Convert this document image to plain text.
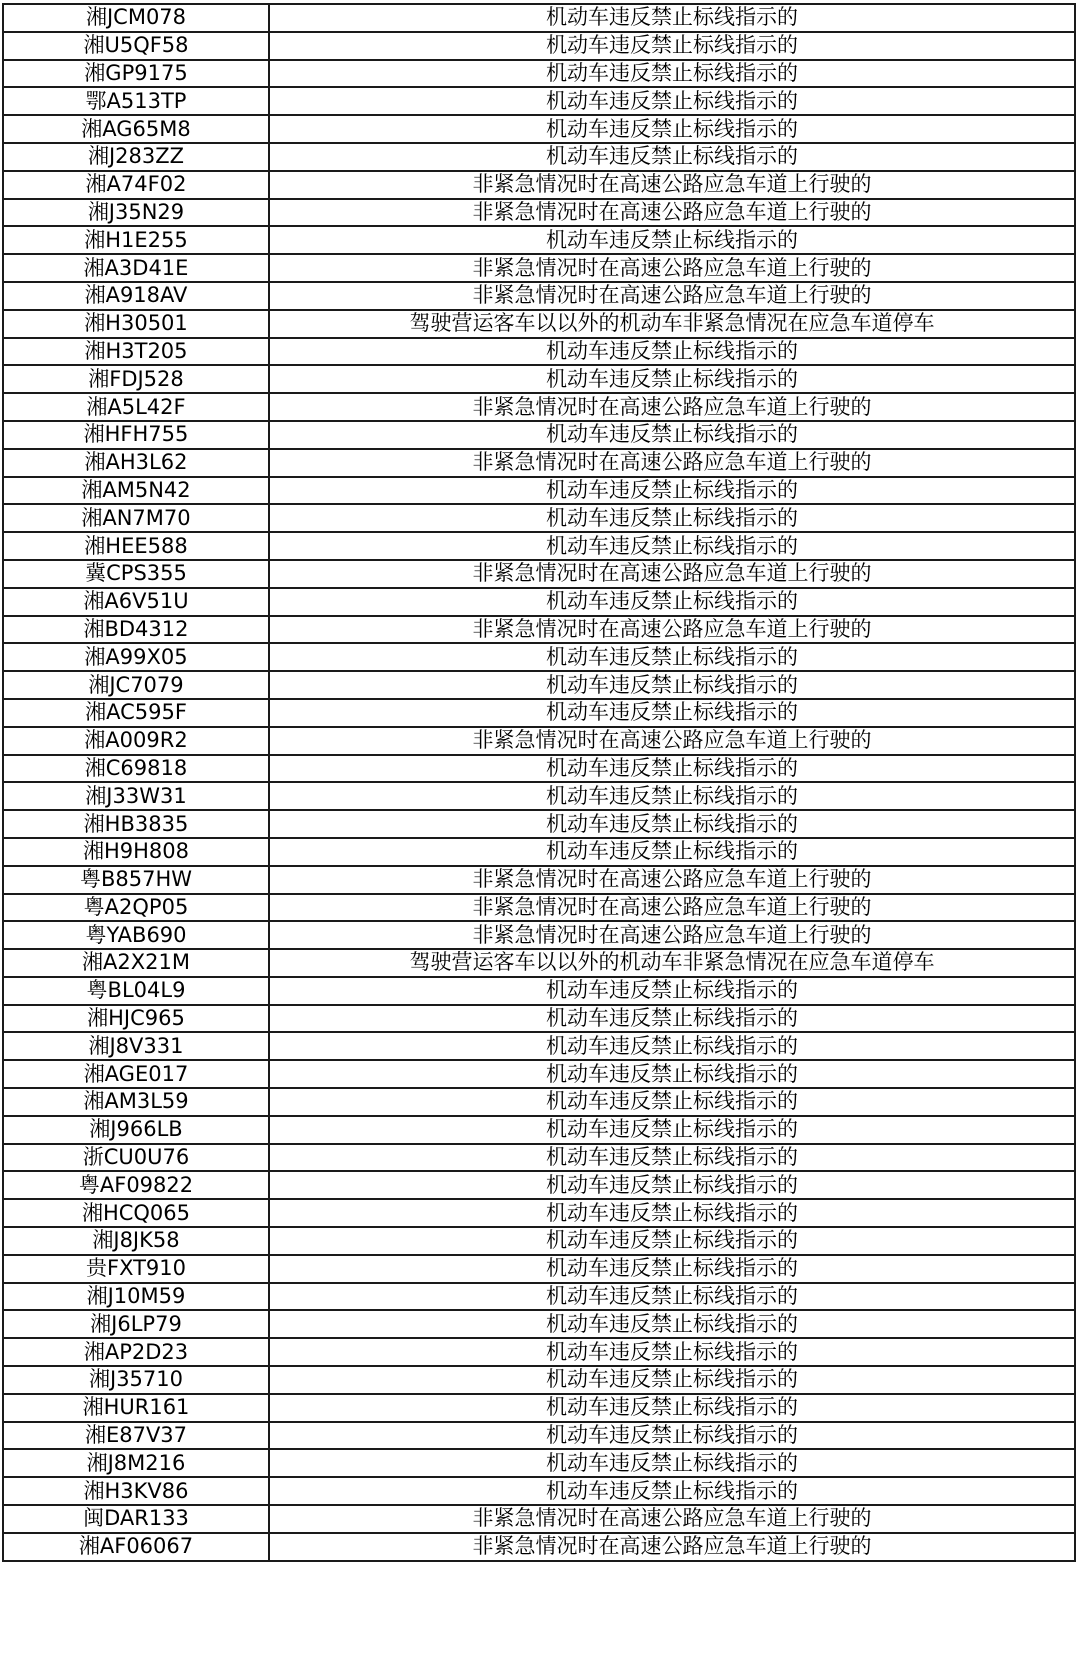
湘JCM078	机动车违反禁止标线指示的
湘U5QF58	机动车违反禁止标线指示的
湘GP9175	机动车违反禁止标线指示的
鄂A513TP	机动车违反禁止标线指示的
湘AG65M8	机动车违反禁止标线指示的
湘J283ZZ	机动车违反禁止标线指示的
湘A74F02	非紧急情况时在高速公路应急车道上行驶的
湘J35N29	非紧急情况时在高速公路应急车道上行驶的
湘H1E255	机动车违反禁止标线指示的
湘A3D41E	非紧急情况时在高速公路应急车道上行驶的
湘A918AV	非紧急情况时在高速公路应急车道上行驶的
湘H30501	驾驶营运客车以以外的机动车非紧急情况在应急车道停车
湘H3T205	机动车违反禁止标线指示的
湘FDJ528	机动车违反禁止标线指示的
湘A5L42F	非紧急情况时在高速公路应急车道上行驶的
湘HFH755	机动车违反禁止标线指示的
湘AH3L62	非紧急情况时在高速公路应急车道上行驶的
湘AM5N42	机动车违反禁止标线指示的
湘AN7M70	机动车违反禁止标线指示的
湘HEE588	机动车违反禁止标线指示的
冀CPS355	非紧急情况时在高速公路应急车道上行驶的
湘A6V51U	机动车违反禁止标线指示的
湘BD4312	非紧急情况时在高速公路应急车道上行驶的
湘A99X05	机动车违反禁止标线指示的
湘JC7079	机动车违反禁止标线指示的
湘AC595F	机动车违反禁止标线指示的
湘A009R2	非紧急情况时在高速公路应急车道上行驶的
湘C69818	机动车违反禁止标线指示的
湘J33W31	机动车违反禁止标线指示的
湘HB3835	机动车违反禁止标线指示的
湘H9H808	机动车违反禁止标线指示的
粤B857HW	非紧急情况时在高速公路应急车道上行驶的
粤A2QP05	非紧急情况时在高速公路应急车道上行驶的
粤YAB690	非紧急情况时在高速公路应急车道上行驶的
湘A2X21M	驾驶营运客车以以外的机动车非紧急情况在应急车道停车
粤BL04L9	机动车违反禁止标线指示的
湘HJC965	机动车违反禁止标线指示的
湘J8V331	机动车违反禁止标线指示的
湘AGE017	机动车违反禁止标线指示的
湘AM3L59	机动车违反禁止标线指示的
湘J966LB	机动车违反禁止标线指示的
浙CU0U76	机动车违反禁止标线指示的
粤AF09822	机动车违反禁止标线指示的
湘HCQ065	机动车违反禁止标线指示的
湘J8JK58	机动车违反禁止标线指示的
贵FXT910	机动车违反禁止标线指示的
湘J10M59	机动车违反禁止标线指示的
湘J6LP79	机动车违反禁止标线指示的
湘AP2D23	机动车违反禁止标线指示的
湘J35710	机动车违反禁止标线指示的
湘HUR161	机动车违反禁止标线指示的
湘E87V37	机动车违反禁止标线指示的
湘J8M216	机动车违反禁止标线指示的
湘H3KV86	机动车违反禁止标线指示的
闽DAR133	非紧急情况时在高速公路应急车道上行驶的
湘AF06067	非紧急情况时在高速公路应急车道上行驶的
